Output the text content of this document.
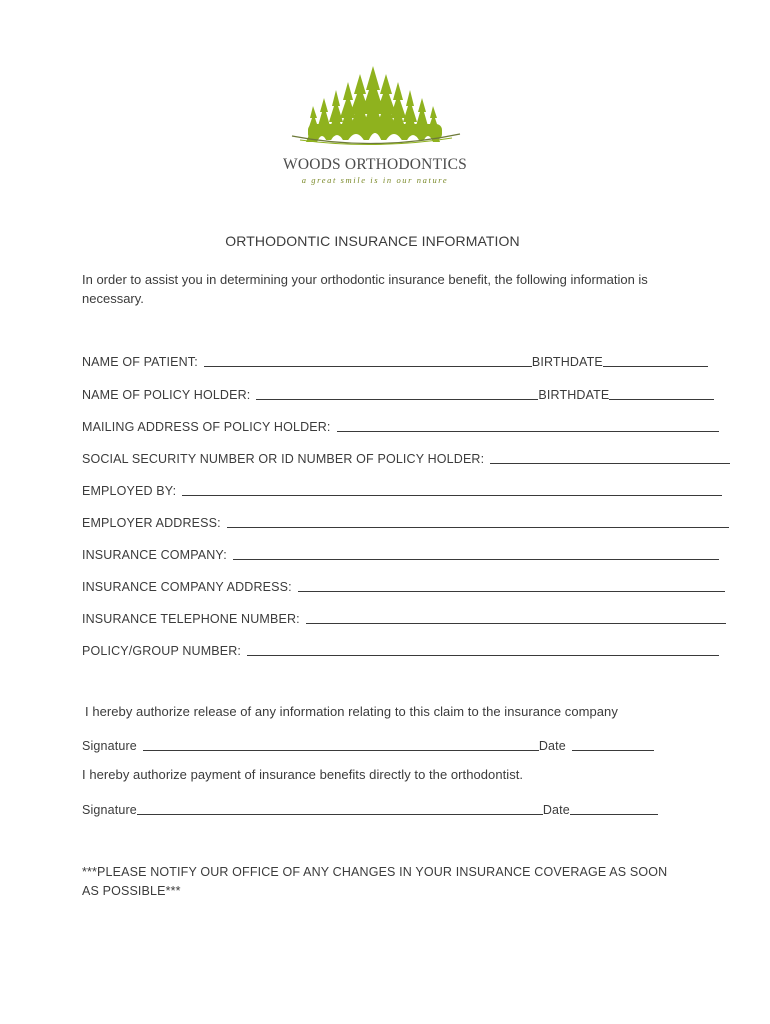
WOODS ORTHODONTICS
a great smile is in our nature
ORTHODONTIC INSURANCE INFORMATION
In order to assist you in determining your orthodontic insurance benefit, the following information is necessary.
NAME OF PATIENT:	BIRTHDATE
NAME OF POLICY HOLDER:	BIRTHDATE
MAILING ADDRESS OF POLICY HOLDER:
SOCIAL SECURITY NUMBER OR ID NUMBER OF POLICY HOLDER:
EMPLOYED BY:
EMPLOYER ADDRESS:
INSURANCE COMPANY:
INSURANCE COMPANY ADDRESS:
INSURANCE TELEPHONE NUMBER:
POLICY/GROUP NUMBER:
I hereby authorize release of any information relating to this claim to the insurance company
Signature	Date
I hereby authorize payment of insurance benefits directly to the orthodontist.
Signature	Date
***PLEASE NOTIFY OUR OFFICE OF ANY CHANGES IN YOUR INSURANCE COVERAGE AS SOON AS POSSIBLE***
